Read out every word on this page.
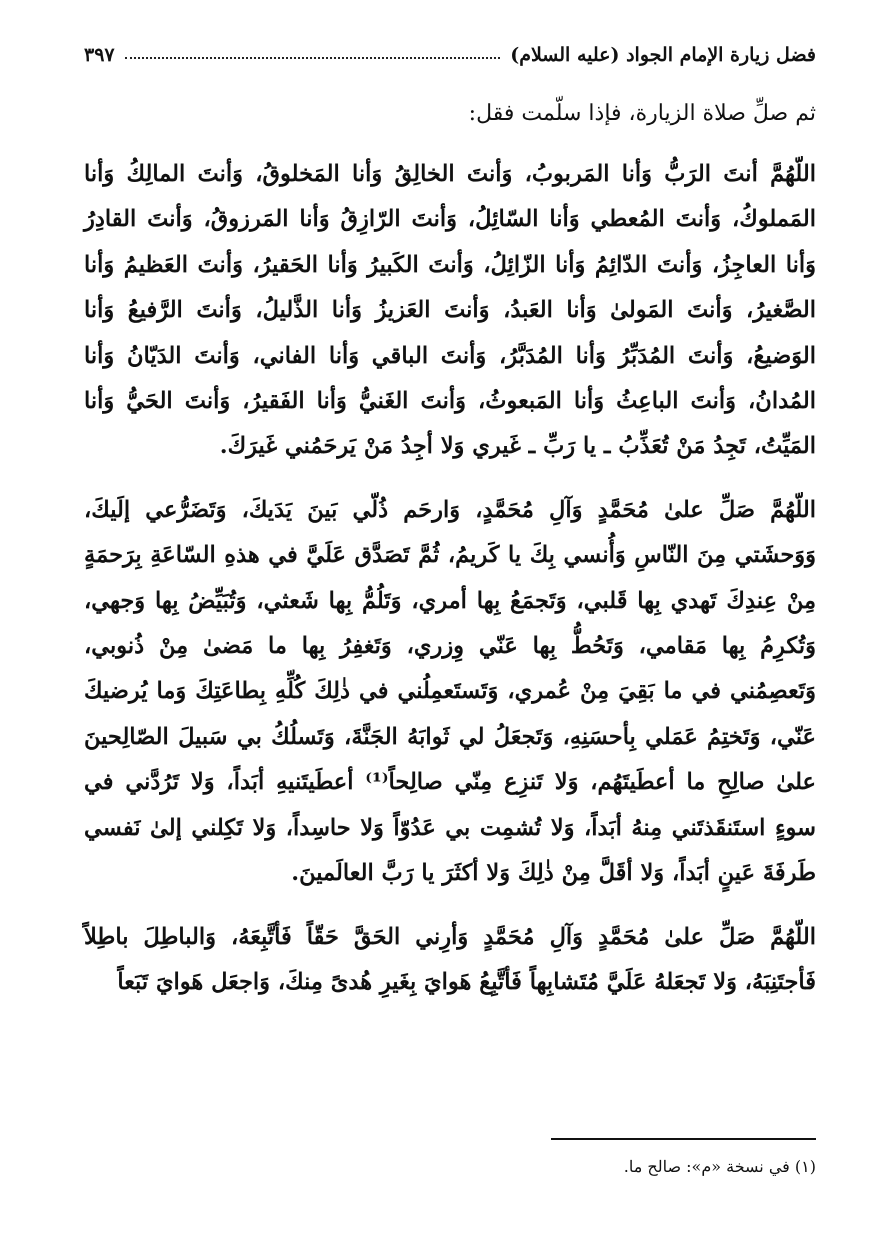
فضل زيارة الإمام الجواد (عليه السلام)
٣٩٧
ثم صلِّ صلاة الزيارة، فإذا سلّمت فقل:
اللّهُمَّ أنتَ الرَبُّ وَأنا المَربوبُ، وَأنتَ الخالِقُ وَأنا المَخلوقُ، وَأنتَ المالِكُ وَأنا المَملوكُ، وَأنتَ المُعطي وَأنا السّائِلُ، وَأنتَ الرّازِقُ وَأنا المَرزوقُ، وَأنتَ القادِرُ وَأنا العاجِزُ، وَأنتَ الدّائِمُ وَأنا الزّائِلُ، وَأنتَ الكَبيرُ وَأنا الحَقيرُ، وَأنتَ العَظيمُ وَأنا الصَّغيرُ، وَأنتَ المَولىٰ وَأنا العَبدُ، وَأنتَ العَزيزُ وَأنا الذَّليلُ، وَأنتَ الرَّفيعُ وَأنا الوَضيعُ، وَأنتَ المُدَبِّرُ وَأنا المُدَبَّرُ، وَأنتَ الباقي وَأنا الفاني، وَأنتَ الدَيّانُ وَأنا المُدانُ، وَأنتَ الباعِثُ وَأنا المَبعوثُ، وَأنتَ الغَنيُّ وَأنا الفَقيرُ، وَأنتَ الحَيُّ وَأنا المَيِّتُ، تَجِدُ مَنْ تُعَذِّبُ ـ يا رَبِّ ـ غَيري وَلا أجِدُ مَنْ يَرحَمُني غَيرَكَ.
اللّهُمَّ صَلِّ علىٰ مُحَمَّدٍ وَآلِ مُحَمَّدٍ، وَارحَم ذُلّي بَينَ يَدَيكَ، وَتَضَرُّعي إلَيكَ، وَوَحشَتي مِنَ النّاسِ وَأُنسي بِكَ يا كَريمُ، ثُمَّ تَصَدَّق عَلَيَّ في هذهِ السّاعَةِ بِرَحمَةٍ مِنْ عِندِكَ تَهدي بِها قَلبي، وَتَجمَعُ بِها أمري، وَتَلُمُّ بِها شَعثي، وَتُبَيِّضُ بِها وَجهي، وَتُكرِمُ بِها مَقامي، وَتَحُطُّ بِها عَنّي وِزري، وَتَغفِرُ بِها ما مَضىٰ مِنْ ذُنوبي، وَتَعصِمُني في ما بَقِيَ مِنْ عُمري، وَتَستَعمِلُني في ذٰلِكَ كُلِّهِ بِطاعَتِكَ وَما يُرضيكَ عَنّي، وَتَختِمُ عَمَلي بِأحسَنِهِ، وَتَجعَلُ لي ثَوابَهُ الجَنَّةَ، وَتَسلُكُ بي سَبيلَ الصّالِحينَ علىٰ صالِحِ ما أعطَيتَهُم، وَلا تَنزِع مِنّي صالِحاً⁽¹⁾ أعطَيتَنيهِ أبَداً، وَلا تَرُدَّني في سوءٍ استَنقَذتَني مِنهُ أبَداً، وَلا تُشمِت بي عَدُوّاً وَلا حاسِداً، وَلا تَكِلني إلىٰ نَفسي طَرفَةَ عَينٍ أبَداً، وَلا أقَلَّ مِنْ ذٰلِكَ وَلا أكثَرَ يا رَبَّ العالَمينَ.
اللّهُمَّ صَلِّ علىٰ مُحَمَّدٍ وَآلِ مُحَمَّدٍ وَأرِني الحَقَّ حَقّاً فَأتَّبِعَهُ، وَالباطِلَ باطِلاً فَأجتَنِبَهُ، وَلا تَجعَلهُ عَلَيَّ مُتَشابِهاً فَأتَّبِعُ هَوايَ بِغَيرِ هُدىً مِنكَ، وَاجعَل هَوايَ تَبَعاً
(١) في نسخة «م»: صالح ما.
